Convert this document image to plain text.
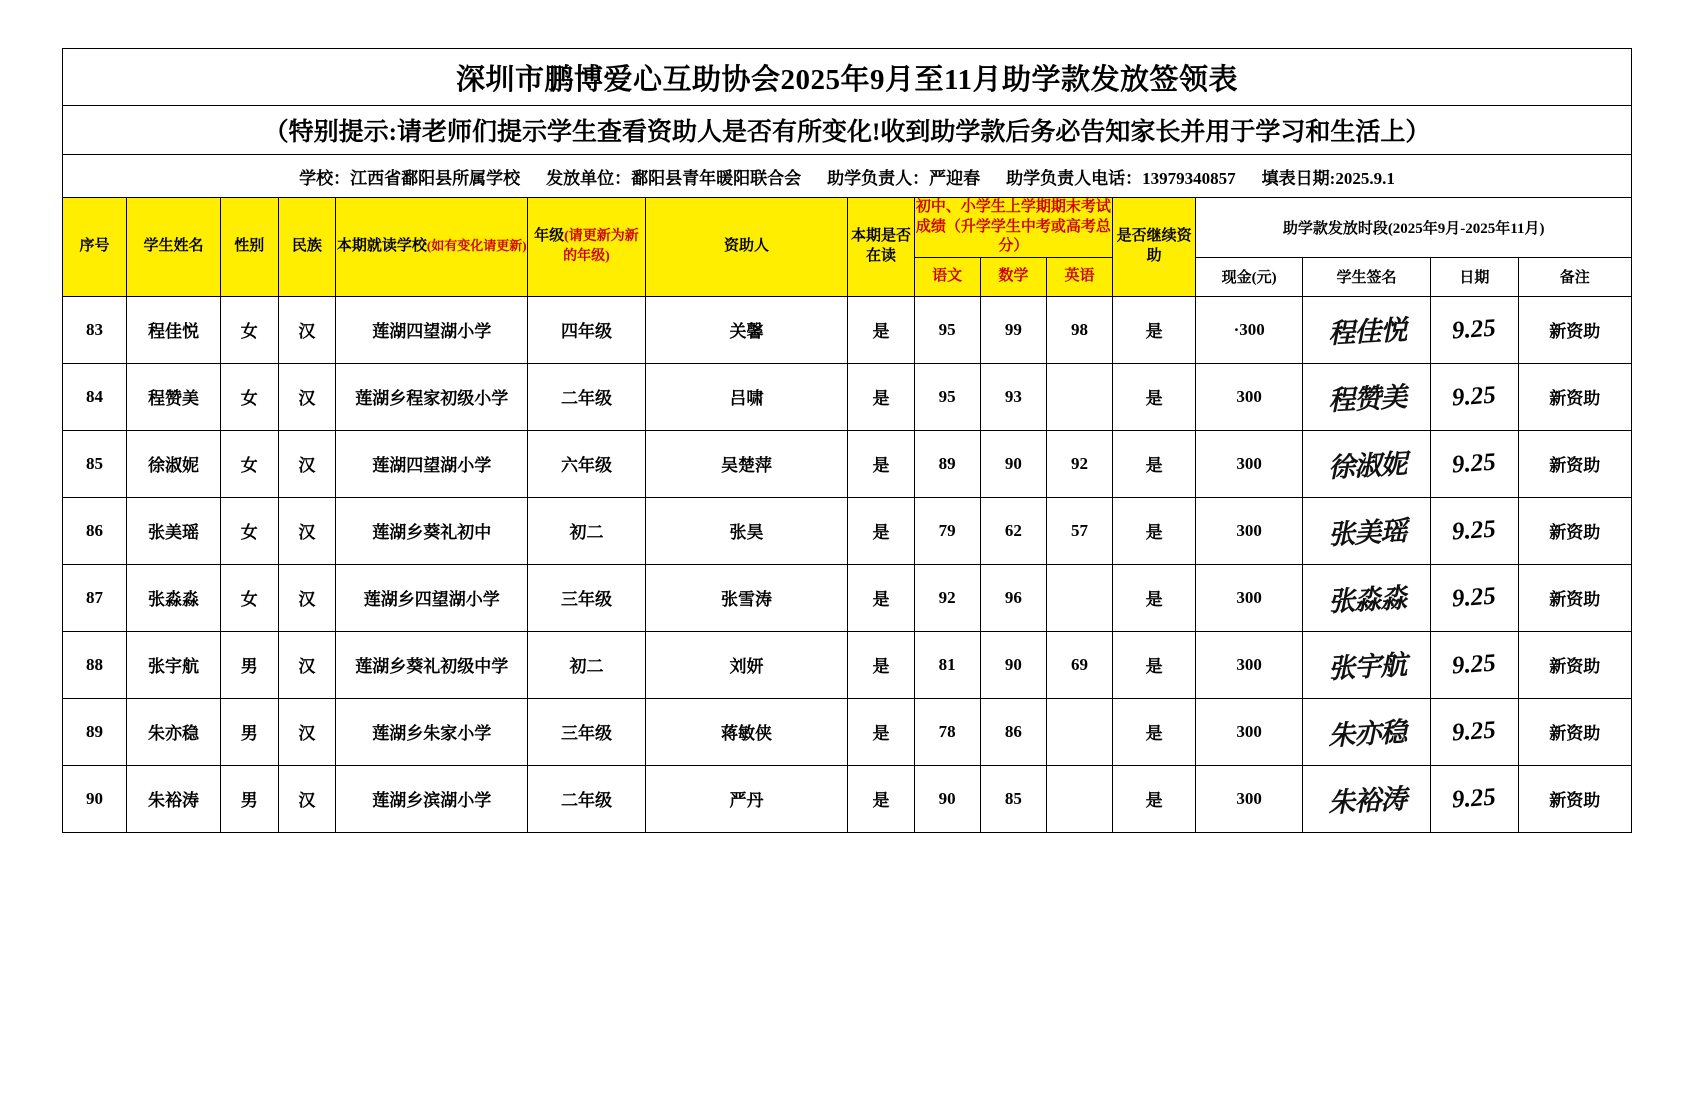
深圳市鹏博爱心互助协会2025年9月至11月助学款发放签领表															
（特别提示:请老师们提示学生查看资助人是否有所变化!收到助学款后务必告知家长并用于学习和生活上）															

学校：江西省鄱阳县所属学校 发放单位：鄱阳县青年暖阳联合会 助学负责人：严迎春 助学负责人电话：13979340857 填表日期:2025.9.1															

序号	学生姓名	性别	民族	本期就读学校(如有变化请更新)	年级(请更新为新的年级)	资助人	本期是否在读	初中、小学生上学期期末考试成绩（升学学生中考或高考总分）			是否继续资助	助学款发放时段(2025年9月-2025年11月)			
								语文	数学	英语		现金(元)	学生签名	日期	备注
83	程佳悦	女	汉	莲湖四望湖小学	四年级	关馨	是	95	99	98	是	·300	程佳悦	9.25	新资助
84	程赞美	女	汉	莲湖乡程家初级小学	二年级	吕啸	是	95	93		是	300	程赞美	9.25	新资助
85	徐淑妮	女	汉	莲湖四望湖小学	六年级	吴楚萍	是	89	90	92	是	300	徐淑妮	9.25	新资助
86	张美瑶	女	汉	莲湖乡葵礼初中	初二	张昊	是	79	62	57	是	300	张美瑶	9.25	新资助
87	张淼淼	女	汉	莲湖乡四望湖小学	三年级	张雪涛	是	92	96		是	300	张淼淼	9.25	新资助
88	张宇航	男	汉	莲湖乡葵礼初级中学	初二	刘妍	是	81	90	69	是	300	张宇航	9.25	新资助
89	朱亦稳	男	汉	莲湖乡朱家小学	三年级	蒋敏侠	是	78	86		是	300	朱亦稳	9.25	新资助
90	朱裕涛	男	汉	莲湖乡滨湖小学	二年级	严丹	是	90	85		是	300	朱裕涛	9.25	新资助
